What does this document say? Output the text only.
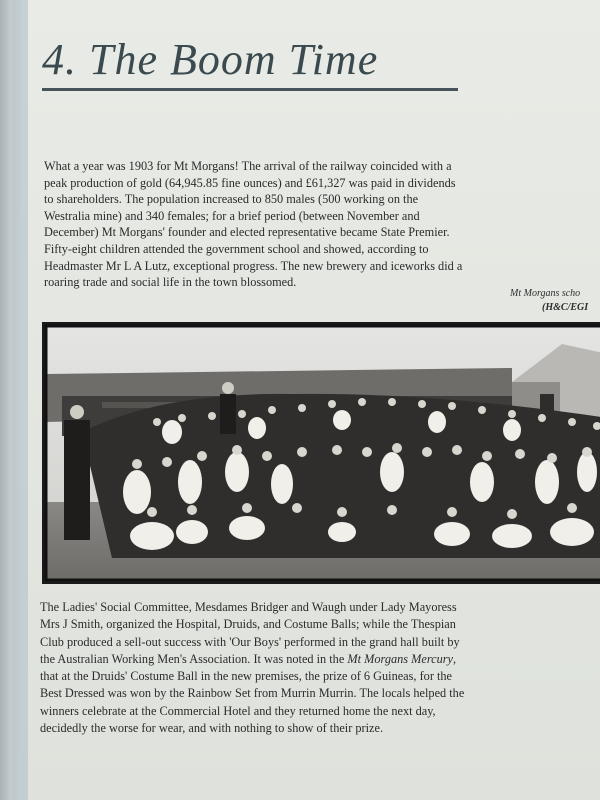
4. The Boom Time

What a year was 1903 for Mt Morgans! The arrival of the railway coincided with a peak production of gold (64,945.85 fine ounces) and £61,327 was paid in dividends to shareholders. The population increased to 850 males (500 working on the Westralia mine) and 340 females; for a brief period (between November and December) Mt Morgans' founder and elected representative became State Premier. Fifty-eight children attended the government school and showed, according to Headmaster Mr L A Lutz, exceptional progress. The new brewery and iceworks did a roaring trade and social life in the town blossomed.

Mt Morgans scho
(H&C/EGI

The Ladies' Social Committee, Mesdames Bridger and Waugh under Lady Mayoress Mrs J Smith, organized the Hospital, Druids, and Costume Balls; while the Thespian Club produced a sell-out success with 'Our Boys' performed in the grand hall built by the Australian Working Men's Association. It was noted in the Mt Morgans Mercury, that at the Druids' Costume Ball in the new premises, the prize of 6 Guineas, for the Best Dressed was won by the Rainbow Set from Murrin Murrin. The locals helped the winners celebrate at the Commercial Hotel and they returned home the next day, decidedly the worse for wear, and with nothing to show of their prize.
